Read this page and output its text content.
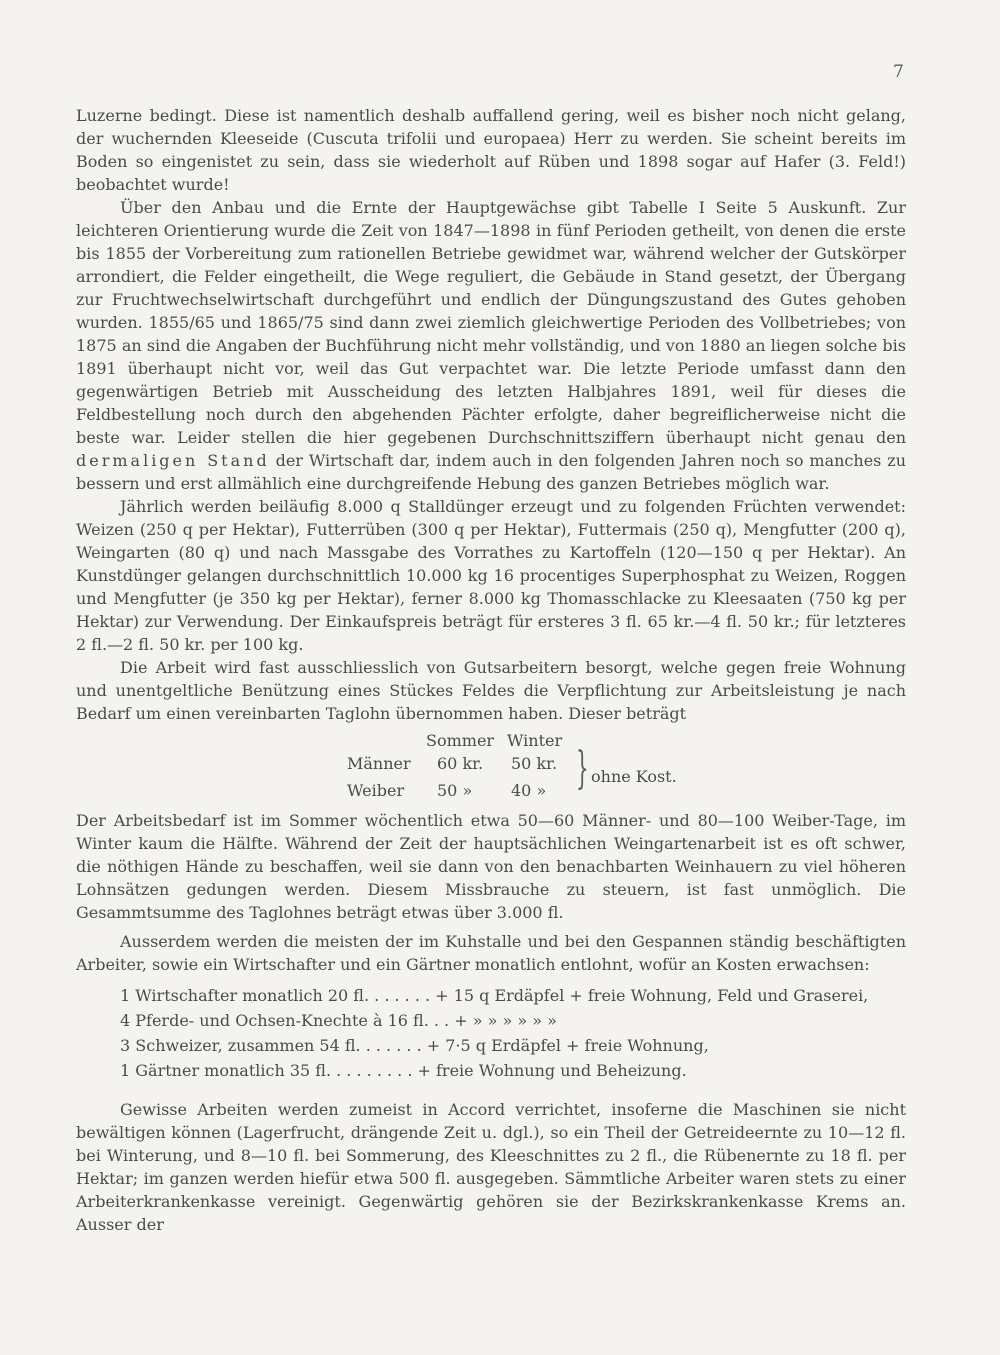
7

Luzerne bedingt. Diese ist namentlich deshalb auffallend gering, weil es bisher noch nicht gelang, der wuchernden Kleeseide (Cuscuta trifolii und europaea) Herr zu werden. Sie scheint bereits im Boden so eingenistet zu sein, dass sie wiederholt auf Rüben und 1898 sogar auf Hafer (3. Feld!) beobachtet wurde!

Über den Anbau und die Ernte der Hauptgewächse gibt Tabelle I Seite 5 Auskunft. Zur leichteren Orientierung wurde die Zeit von 1847—1898 in fünf Perioden getheilt, von denen die erste bis 1855 der Vorbereitung zum rationellen Betriebe gewidmet war, während welcher der Gutskörper arrondiert, die Felder eingetheilt, die Wege reguliert, die Gebäude in Stand gesetzt, der Übergang zur Fruchtwechselwirtschaft durchgeführt und endlich der Düngungszustand des Gutes gehoben wurden. 1855/65 und 1865/75 sind dann zwei ziemlich gleichwertige Perioden des Vollbetriebes; von 1875 an sind die Angaben der Buchführung nicht mehr vollständig, und von 1880 an liegen solche bis 1891 überhaupt nicht vor, weil das Gut verpachtet war. Die letzte Periode umfasst dann den gegenwärtigen Betrieb mit Ausscheidung des letzten Halbjahres 1891, weil für dieses die Feldbestellung noch durch den abgehenden Pächter erfolgte, daher begreiflicherweise nicht die beste war. Leider stellen die hier gegebenen Durchschnittsziffern überhaupt nicht genau den dermaligen Stand der Wirtschaft dar, indem auch in den folgenden Jahren noch so manches zu bessern und erst allmählich eine durchgreifende Hebung des ganzen Betriebes möglich war.

Jährlich werden beiläufig 8.000 q Stalldünger erzeugt und zu folgenden Früchten verwendet: Weizen (250 q per Hektar), Futterrüben (300 q per Hektar), Futtermais (250 q), Mengfutter (200 q), Weingarten (80 q) und nach Massgabe des Vorrathes zu Kartoffeln (120—150 q per Hektar). An Kunstdünger gelangen durchschnittlich 10.000 kg 16 procentiges Superphosphat zu Weizen, Roggen und Mengfutter (je 350 kg per Hektar), ferner 8.000 kg Thomasschlacke zu Kleesaaten (750 kg per Hektar) zur Verwendung. Der Einkaufspreis beträgt für ersteres 3 fl. 65 kr.—4 fl. 50 kr.; für letzteres 2 fl.—2 fl. 50 kr. per 100 kg.

Die Arbeit wird fast ausschliesslich von Gutsarbeitern besorgt, welche gegen freie Wohnung und unentgeltliche Benützung eines Stückes Feldes die Verpflichtung zur Arbeitsleistung je nach Bedarf um einen vereinbarten Taglohn übernommen haben. Dieser beträgt

Sommer Winter
Männer 60 kr. 50 kr.
Weiber 50 » 40 » } ohne Kost.

Der Arbeitsbedarf ist im Sommer wöchentlich etwa 50—60 Männer- und 80—100 Weiber-Tage, im Winter kaum die Hälfte. Während der Zeit der hauptsächlichen Weingartenarbeit ist es oft schwer, die nöthigen Hände zu beschaffen, weil sie dann von den benachbarten Weinhauern zu viel höheren Lohnsätzen gedungen werden. Diesem Missbrauche zu steuern, ist fast unmöglich. Die Gesammtsumme des Taglohnes beträgt etwas über 3.000 fl.

Ausserdem werden die meisten der im Kuhstalle und bei den Gespannen ständig beschäftigten Arbeiter, sowie ein Wirtschafter und ein Gärtner monatlich entlohnt, wofür an Kosten erwachsen:

1 Wirtschafter monatlich 20 fl. . . . . . . + 15 q Erdäpfel + freie Wohnung, Feld und Graserei,
4 Pferde- und Ochsen-Knechte à 16 fl. . . + » » » » » »
3 Schweizer, zusammen 54 fl. . . . . . . + 7·5 q Erdäpfel + freie Wohnung,
1 Gärtner monatlich 35 fl. . . . . . . . . + freie Wohnung und Beheizung.

Gewisse Arbeiten werden zumeist in Accord verrichtet, insoferne die Maschinen sie nicht bewältigen können (Lagerfrucht, drängende Zeit u. dgl.), so ein Theil der Getreideernte zu 10—12 fl. bei Winterung, und 8—10 fl. bei Sommerung, des Kleeschnittes zu 2 fl., die Rübenernte zu 18 fl. per Hektar; im ganzen werden hiefür etwa 500 fl. ausgegeben. Sämmtliche Arbeiter waren stets zu einer Arbeiterkrankenkasse vereinigt. Gegenwärtig gehören sie der Bezirkskrankenkasse Krems an. Ausser der
